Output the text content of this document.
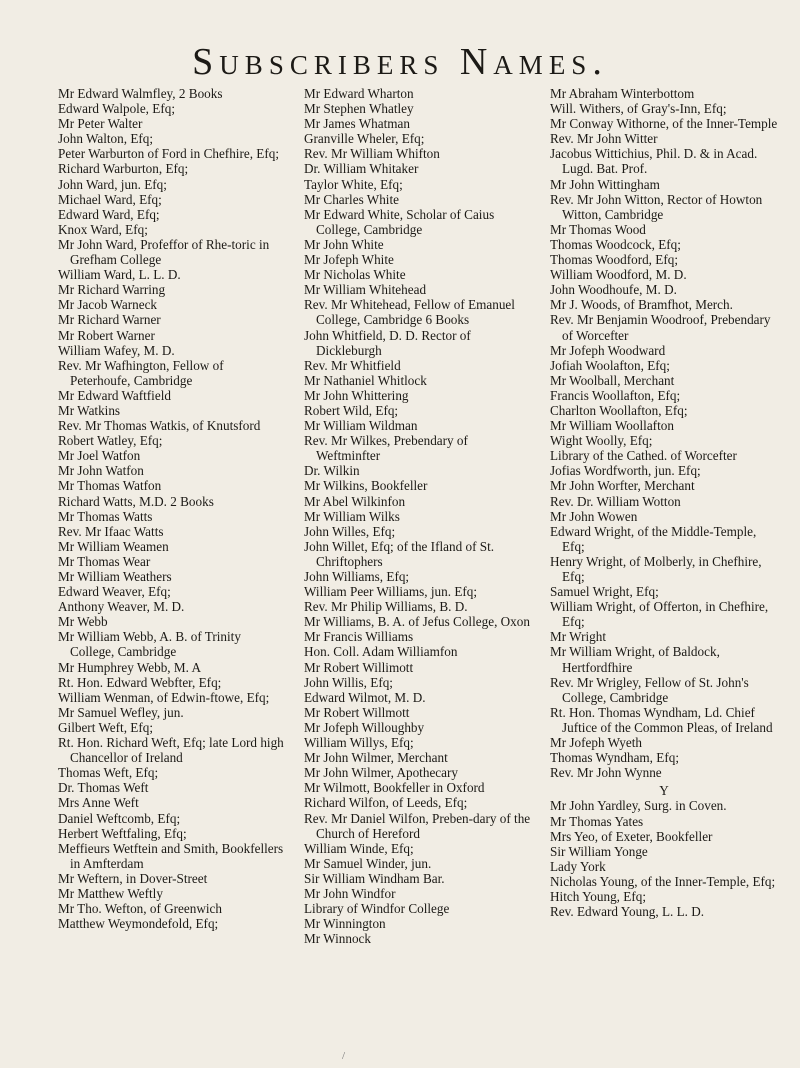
Subscribers Names.
Mr Edward Walmfley, 2 Books
Edward Walpole, Efq;
Mr Peter Walter
John Walton, Efq;
Peter Warburton of Ford in Chefhire, Efq;
Richard Warburton, Efq;
John Ward, jun. Efq;
Michael Ward, Efq;
Edward Ward, Efq;
Knox Ward, Efq;
Mr John Ward, Profeffor of Rhe-toric in Grefham College
William Ward, L. L. D.
Mr Richard Warring
Mr Jacob Warneck
Mr Richard Warner
Mr Robert Warner
William Wafey, M. D.
Rev. Mr Wafhington, Fellow of Peterhoufe, Cambridge
Mr Edward Waftfield
Mr Watkins
Rev. Mr Thomas Watkis, of Knutsford
Robert Watley, Efq;
Mr Joel Watfon
Mr John Watfon
Mr Thomas Watfon
Richard Watts, M.D. 2 Books
Mr Thomas Watts
Rev. Mr Ifaac Watts
Mr William Weamen
Mr Thomas Wear
Mr William Weathers
Edward Weaver, Efq;
Anthony Weaver, M. D.
Mr Webb
Mr William Webb, A. B. of Trinity College, Cambridge
Mr Humphrey Webb, M. A
Rt. Hon. Edward Webfter, Efq;
William Wenman, of Edwin-ftowe, Efq;
Mr Samuel Wefley, jun.
Gilbert Weft, Efq;
Rt. Hon. Richard Weft, Efq; late Lord high Chancellor of Ireland
Thomas Weft, Efq;
Dr. Thomas Weft
Mrs Anne Weft
Daniel Weftcomb, Efq;
Herbert Weftfaling, Efq;
Meffieurs Wetftein and Smith, Bookfellers in Amfterdam
Mr Weftern, in Dover-Street
Mr Matthew Weftly
Mr Tho. Wefton, of Greenwich
Matthew Weymondefold, Efq;
Mr Edward Wharton
Mr Stephen Whatley
Mr James Whatman
Granville Wheler, Efq;
Rev. Mr William Whifton
Dr. William Whitaker
Taylor White, Efq;
Mr Charles White
Mr Edward White, Scholar of Caius College, Cambridge
Mr John White
Mr Jofeph White
Mr Nicholas White
Mr William Whitehead
Rev. Mr Whitehead, Fellow of Emanuel College, Cambridge 6 Books
John Whitfield, D. D. Rector of Dickleburgh
Rev. Mr Whitfield
Mr Nathaniel Whitlock
Mr John Whittering
Robert Wild, Efq;
Mr William Wildman
Rev. Mr Wilkes, Prebendary of Weftminfter
Dr. Wilkin
Mr Wilkins, Bookfeller
Mr Abel Wilkinfon
Mr William Wilks
John Willes, Efq;
John Willet, Efq; of the Ifland of St. Chriftophers
John Williams, Efq;
William Peer Williams, jun. Efq;
Rev. Mr Philip Williams, B. D.
Mr Williams, B. A. of Jefus College, Oxon
Mr Francis Williams
Hon. Coll. Adam Williamfon
Mr Robert Willimott
John Willis, Efq;
Edward Wilmot, M. D.
Mr Robert Willmott
Mr Jofeph Willoughby
William Willys, Efq;
Mr John Wilmer, Merchant
Mr John Wilmer, Apothecary
Mr Wilmott, Bookfeller in Oxford
Richard Wilfon, of Leeds, Efq;
Rev. Mr Daniel Wilfon, Preben-dary of the Church of Hereford
William Winde, Efq;
Mr Samuel Winder, jun.
Sir William Windham Bar.
Mr John Windfor
Library of Windfor College
Mr Winnington
Mr Winnock
Mr Abraham Winterbottom
Will. Withers, of Gray's-Inn, Efq;
Mr Conway Withorne, of the Inner-Temple
Rev. Mr John Witter
Jacobus Wittichius, Phil. D. & in Acad. Lugd. Bat. Prof.
Mr John Wittingham
Rev. Mr John Witton, Rector of Howton Witton, Cambridge
Mr Thomas Wood
Thomas Woodcock, Efq;
Thomas Woodford, Efq;
William Woodford, M. D.
John Woodhoufe, M. D.
Mr J. Woods, of Bramfhot, Merch.
Rev. Mr Benjamin Woodroof, Prebendary of Worcefter
Mr Jofeph Woodward
Jofiah Woolafton, Efq;
Mr Woolball, Merchant
Francis Woollafton, Efq;
Charlton Woollafton, Efq;
Mr William Woollafton
Wight Woolly, Efq;
Library of the Cathed. of Worcefter
Jofias Wordfworth, jun. Efq;
Mr John Worfter, Merchant
Rev. Dr. William Wotton
Mr John Wowen
Edward Wright, of the Middle-Temple, Efq;
Henry Wright, of Molberly, in Chefhire, Efq;
Samuel Wright, Efq;
William Wright, of Offerton, in Chefhire, Efq;
Mr Wright
Mr William Wright, of Baldock, Hertfordfhire
Rev. Mr Wrigley, Fellow of St. John's College, Cambridge
Rt. Hon. Thomas Wyndham, Ld. Chief Juftice of the Common Pleas, of Ireland
Mr Jofeph Wyeth
Thomas Wyndham, Efq;
Rev. Mr John Wynne
Y
Mr John Yardley, Surg. in Coven.
Mr Thomas Yates
Mrs Yeo, of Exeter, Bookfeller
Sir William Yonge
Lady York
Nicholas Young, of the Inner-Temple, Efq;
Hitch Young, Efq;
Rev. Edward Young, L. L. D.
/
